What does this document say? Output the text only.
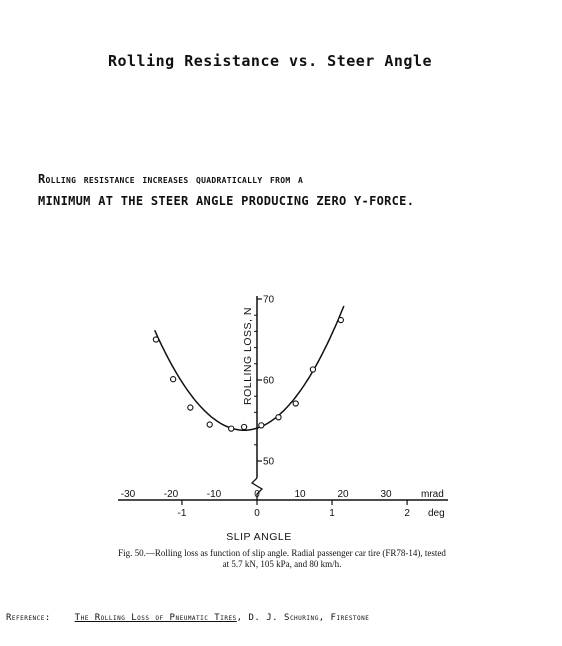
Rolling Resistance vs. Steer Angle
Rolling resistance increases quadratically from a
MINIMUM AT THE STEER ANGLE PRODUCING ZERO Y-FORCE.
50
60
70
-30	-20	-10	0	10	20	30
-1	0	1	2
ROLLING LOSS, N
mrad
deg
SLIP ANGLE
Fig. 50.—Rolling loss as function of slip angle. Radial passenger car tire (FR78-14), tested
at 5.7 kN, 105 kPa, and 80 km/h.
Reference:	The Rolling Loss of Pneumatic Tires, D. J. Schuring, Firestone
